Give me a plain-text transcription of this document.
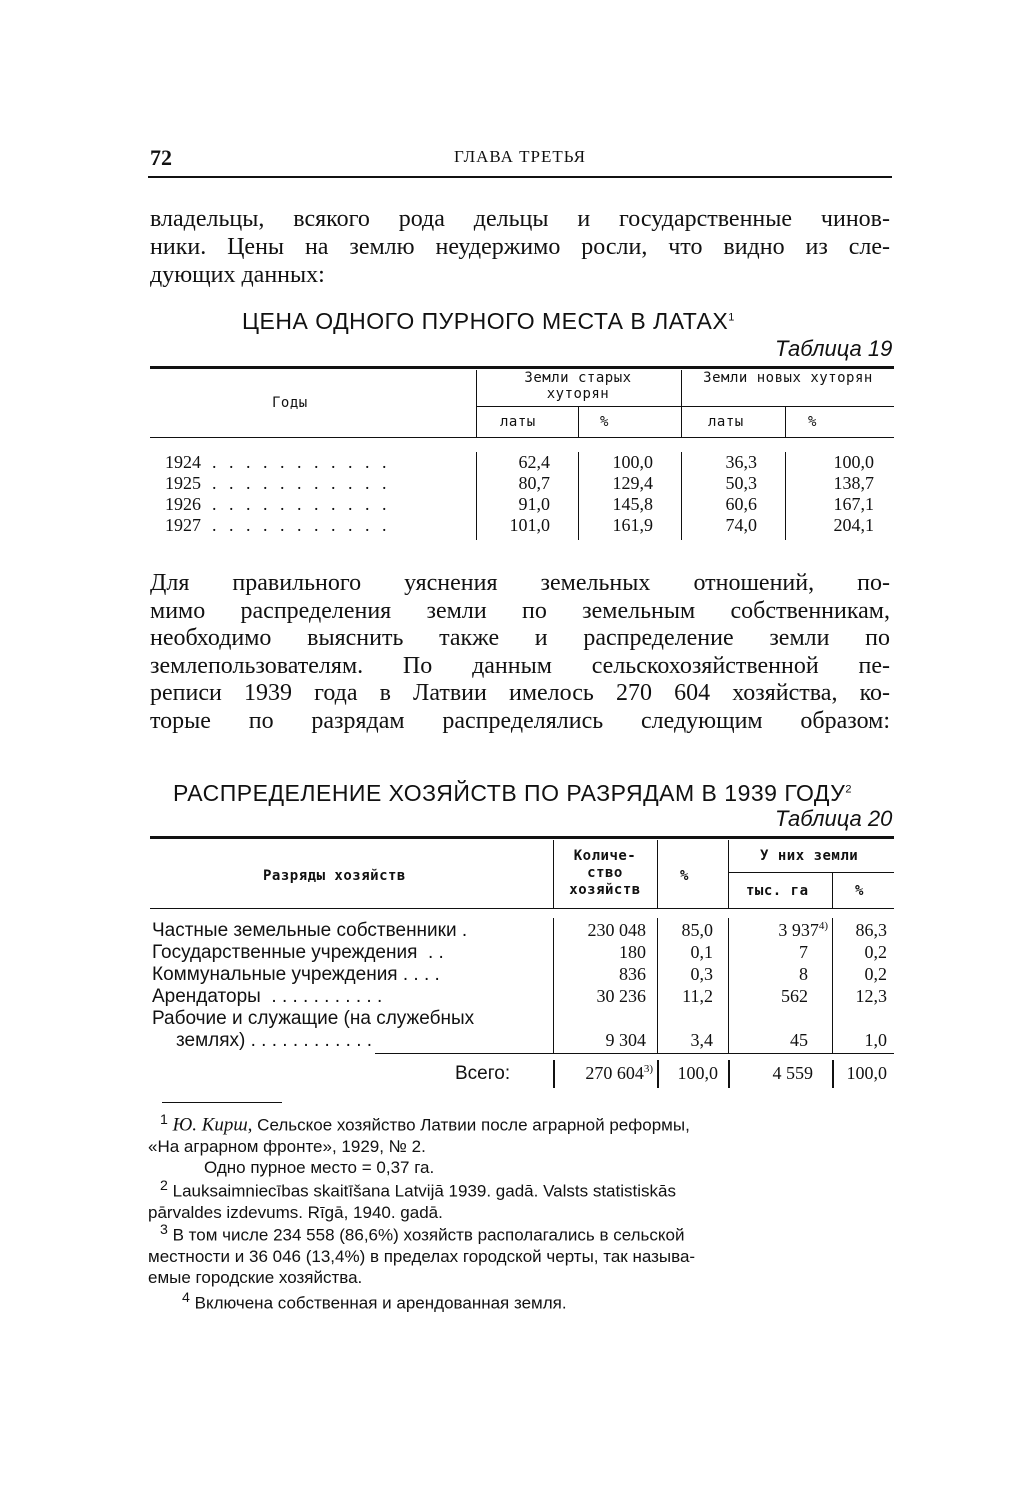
72	ГЛАВА ТРЕТЬЯ
владельцы, всякого рода дельцы и государственные чинов-
ники. Цены на землю неудержимо росли, что видно из сле-
дующих данных:
ЦЕНА ОДНОГО ПУРНОГО МЕСТА В ЛАТАХ$^1$
Таблица 19
Годы
Земли старых хуторян
Земли новых хуторян
латы	%	латы	%
1924 . . . . . . . . . . .	62,4	100,0	36,3	100,0
1925 . . . . . . . . . . .	80,7	129,4	50,3	138,7
1926 . . . . . . . . . . .	91,0	145,8	60,6	167,1
1927 . . . . . . . . . . .	101,0	161,9	74,0	204,1
Для правильного уяснения земельных отношений, по-
мимо распределения земли по земельным собственникам,
необходимо выяснить также и распределение земли по
землепользователям. По данным сельскохозяйственной пе-
реписи 1939 года в Латвии имелось 270 604 хозяйства, ко-
торые по разрядам распределялись следующим образом:
РАСПРЕДЕЛЕНИЕ ХОЗЯЙСТВ ПО РАЗРЯДАМ В 1939 ГОДУ$^2$
Таблица 20
Разряды хозяйств
Количе- ство хозяйств
%
У них земли
тыс. га	%
Частные земельные собственники .	230 048	85,0	3 937$^{4)}$	86,3
Государственные учреждения  . .	180	0,1	7	0,2
Коммунальные учреждения . . . .	836	0,3	8	0,2
Арендаторы  . . . . . . . . . . .	30 236	11,2	562	12,3
Рабочие и служащие (на служебных
землях) . . . . . . . . . . . .	9 304	3,4	45	1,0
Всего:	270 604$^{3)}$	100,0	4 559	100,0
$^1$ Ю. Кирш, Сельское хозяйство Латвии после аграрной реформы,
«На аграрном фронте», 1929, № 2.
Одно пурное место = 0,37 га.
$^2$ Lauksaimniecības skaitīšana Latvijā 1939. gadā. Valsts statistiskās
pārvaldes izdevums. Rīgā, 1940. gadā.
$^3$ В том числе 234 558 (86,6%) хозяйств располагались в сельской
местности и 36 046 (13,4%) в пределах городской черты, так называ-
емые городские хозяйства.
$^4$ Включена собственная и арендованная земля.
